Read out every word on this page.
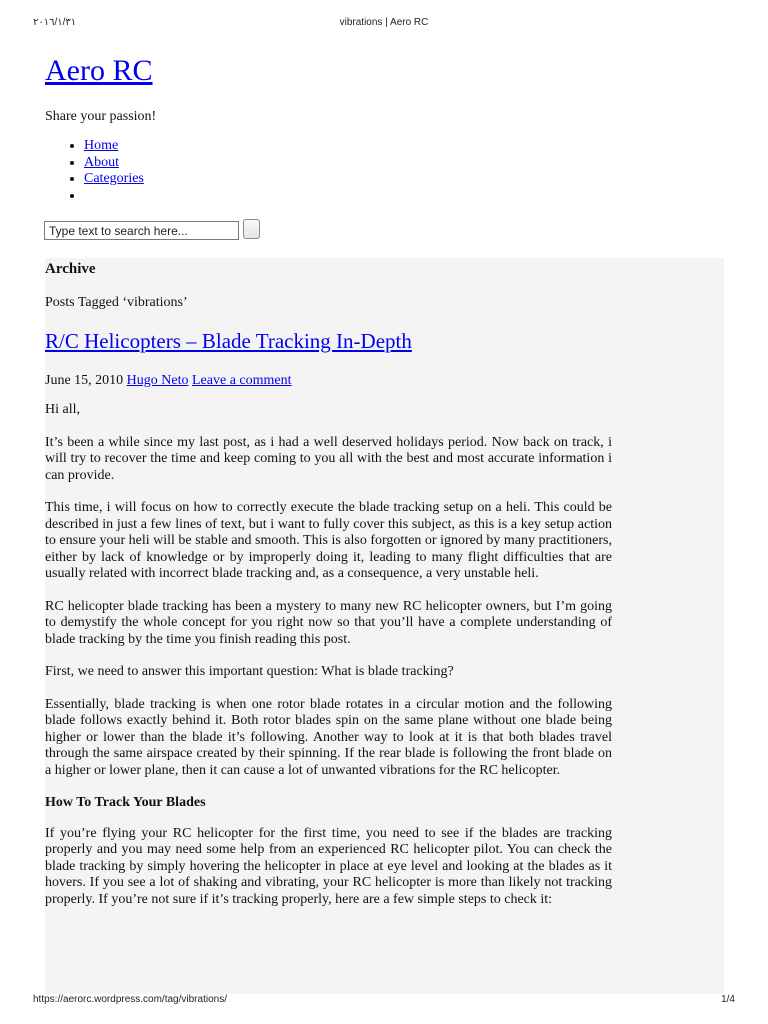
٢٠١٦/١/٣١	vibrations | Aero RC
Aero RC
Share your passion!
• Home
• About
• Categories
•
Type text to search here...
Archive
Posts Tagged ‘vibrations’
R/C Helicopters – Blade Tracking In-Depth
June 15, 2010 Hugo Neto Leave a comment

Hi all,

It’s been a while since my last post, as i had a well deserved holidays period. Now back on track, i will try to recover the time and keep coming to you all with the best and most accurate information i can provide.

This time, i will focus on how to correctly execute the blade tracking setup on a heli. This could be described in just a few lines of text, but i want to fully cover this subject, as this is a key setup action to ensure your heli will be stable and smooth. This is also forgotten or ignored by many practitioners, either by lack of knowledge or by improperly doing it, leading to many flight difficulties that are usually related with incorrect blade tracking and, as a consequence, a very unstable heli.

RC helicopter blade tracking has been a mystery to many new RC helicopter owners, but I’m going to demystify the whole concept for you right now so that you’ll have a complete understanding of blade tracking by the time you finish reading this post.

First, we need to answer this important question: What is blade tracking?

Essentially, blade tracking is when one rotor blade rotates in a circular motion and the following blade follows exactly behind it. Both rotor blades spin on the same plane without one blade being higher or lower than the blade it’s following. Another way to look at it is that both blades travel through the same airspace created by their spinning. If the rear blade is following the front blade on a higher or lower plane, then it can cause a lot of unwanted vibrations for the RC helicopter.

How To Track Your Blades

If you’re flying your RC helicopter for the first time, you need to see if the blades are tracking properly and you may need some help from an experienced RC helicopter pilot. You can check the blade tracking by simply hovering the helicopter in place at eye level and looking at the blades as it hovers. If you see a lot of shaking and vibrating, your RC helicopter is more than likely not tracking properly. If you’re not sure if it’s tracking properly, here are a few simple steps to check it:

https://aerorc.wordpress.com/tag/vibrations/	1/4
